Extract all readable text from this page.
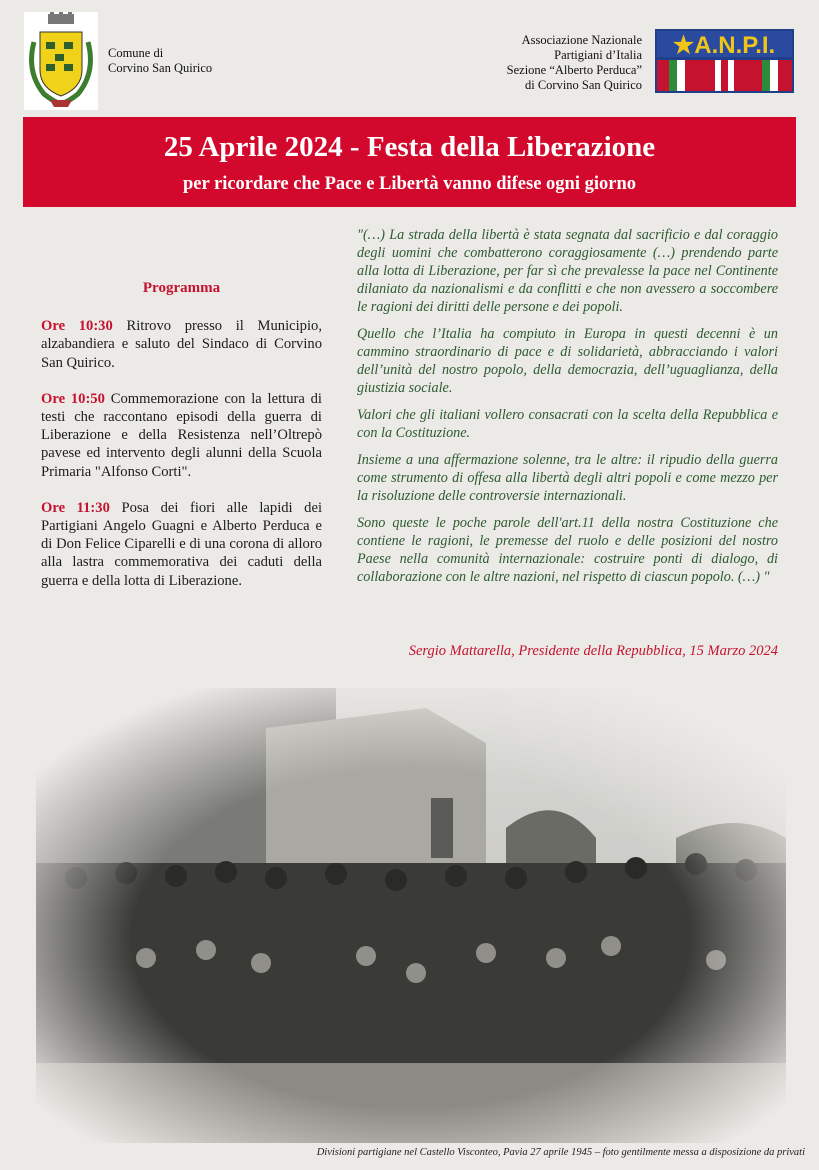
Comune di
Corvino San Quirico
Associazione Nazionale
Partigiani d’Italia
Sezione “Alberto Perduca”
di Corvino San Quirico
★A.N.P.I.
25 Aprile 2024 - Festa della Liberazione
per ricordare che Pace e Libertà vanno difese ogni giorno
Programma
Ore 10:30 Ritrovo presso il Municipio, alzabandiera e saluto del Sindaco di Corvino San Quirico.
Ore 10:50 Commemorazione con la lettura di testi che raccontano episodi della guerra di Liberazione e della Resistenza nell’Oltrepò pavese ed intervento degli alunni della Scuola Primaria "Alfonso Corti".
Ore 11:30 Posa dei fiori alle lapidi dei Partigiani Angelo Guagni e Alberto Perduca e di Don Felice Ciparelli e di una corona di alloro alla lastra commemorativa dei caduti della guerra e della lotta di Liberazione.

"(…) La strada della libertà è stata segnata dal sacrificio e dal coraggio degli uomini che combatterono coraggiosamente (…) prendendo parte alla lotta di Liberazione, per far sì che prevalesse la pace nel Continente dilaniato da nazionalismi e da conflitti e che non avessero a soccombere le ragioni dei diritti delle persone e dei popoli.

Quello che l’Italia ha compiuto in Europa in questi decenni è un cammino straordinario di pace e di solidarietà, abbracciando i valori dell’unità del nostro popolo, della democrazia, dell’uguaglianza, della giustizia sociale.

Valori che gli italiani vollero consacrati con la scelta della Repubblica e con la Costituzione.

Insieme a una affermazione solenne, tra le altre: il ripudio della guerra come strumento di offesa alla libertà degli altri popoli e come mezzo per la risoluzione delle controversie internazionali.

Sono queste le poche parole dell'art.11 della nostra Costituzione che contiene le ragioni, le premesse del ruolo e delle posizioni del nostro Paese nella comunità internazionale: costruire ponti di dialogo, di collaborazione con le altre nazioni, nel rispetto di ciascun popolo. (…) "

Sergio Mattarella, Presidente della Repubblica, 15 Marzo 2024
Divisioni partigiane nel Castello Visconteo, Pavia 27 aprile 1945 – foto gentilmente messa a disposizione da privati
